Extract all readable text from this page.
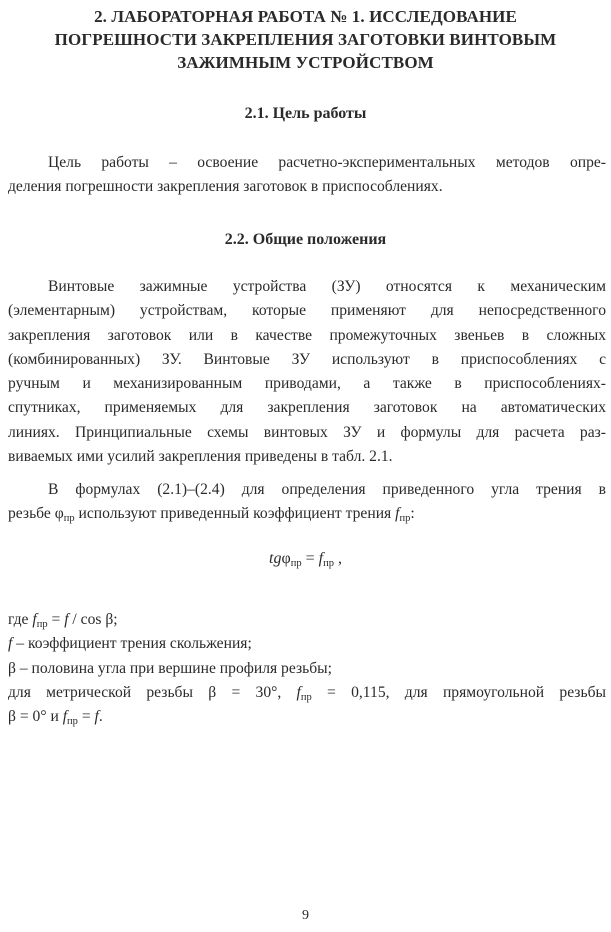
2. ЛАБОРАТОРНАЯ РАБОТА № 1. ИССЛЕДОВАНИЕ
ПОГРЕШНОСТИ ЗАКРЕПЛЕНИЯ ЗАГОТОВКИ ВИНТОВЫМ
ЗАЖИМНЫМ УСТРОЙСТВОМ
2.1. Цель работы
Цель работы – освоение расчетно-экспериментальных методов опре-
деления погрешности закрепления заготовок в приспособлениях.
2.2. Общие положения
Винтовые зажимные устройства (ЗУ) относятся к механическим
(элементарным) устройствам, которые применяют для непосредственного
закрепления заготовок или в качестве промежуточных звеньев в сложных
(комбинированных) ЗУ. Винтовые ЗУ используют в приспособлениях с
ручным и механизированным приводами, а также в приспособлениях-
спутниках, применяемых для закрепления заготовок на автоматических
линиях. Принципиальные схемы винтовых ЗУ и формулы для расчета раз-
виваемых ими усилий закрепления приведены в табл. 2.1.
В формулах (2.1)–(2.4) для определения приведенного угла трения в
резьбе $\varphi_{пр}$ используют приведенный коэффициент трения $f_{пр}$:
$tg\varphi_{пр} = f_{пр}$ ,
где $f_{пр} = f / \cos \beta$;
f – коэффициент трения скольжения;
β – половина угла при вершине профиля резьбы;
для метрической резьбы β = 30°, $f_{пр} = 0,115$, для прямоугольной резьбы
β = 0° и $f_{пр} = f$.
9
